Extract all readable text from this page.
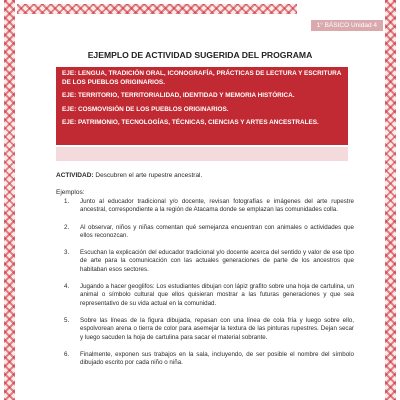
1° BÁSICO Unidad 4
EJEMPLO DE ACTIVIDAD SUGERIDA DEL PROGRAMA

EJE: LENGUA, TRADICIÓN ORAL, ICONOGRAFÍA, PRÁCTICAS DE LECTURA Y ESCRITURA DE LOS PUEBLOS ORIGINARIOS.

EJE: TERRITORIO, TERRITORIALIDAD, IDENTIDAD Y MEMORIA HISTÓRICA.

EJE: COSMOVISIÓN DE LOS PUEBLOS ORIGINARIOS.

EJE: PATRIMONIO, TECNOLOGÍAS, TÉCNICAS, CIENCIAS Y ARTES ANCESTRALES.

ACTIVIDAD: Descubren el arte rupestre ancestral.
Ejemplos:
1.	Junto al educador tradicional y/o docente, revisan fotografías e imágenes del arte rupestre ancestral, correspondiente a la región de Atacama donde se emplazan las comunidades colla.
2.	Al observar, niños y niñas comentan qué semejanza encuentran con animales o actividades que ellos reconozcan.
3.	Escuchan la explicación del educador tradicional y/o docente acerca del sentido y valor de ese tipo de arte para la comunicación con las actuales generaciones de parte de los ancestros que habitaban esos sectores.
4.	Jugando a hacer geoglifos: Los estudiantes dibujan con lápiz grafito sobre una hoja de cartulina, un animal o símbolo cultural que ellos quisieran mostrar a las futuras generaciones y que sea representativo de su vida actual en la comunidad.
5.	Sobre las líneas de la figura dibujada, repasan con una línea de cola fría y luego sobre ello, espolvorean arena o tierra de color para asemejar la textura de las pinturas rupestres. Dejan secar y luego sacuden la hoja de cartulina para sacar el material sobrante.
6.	Finalmente, exponen sus trabajos en la sala, incluyendo, de ser posible el nombre del símbolo dibujado escrito por cada niño o niña.
